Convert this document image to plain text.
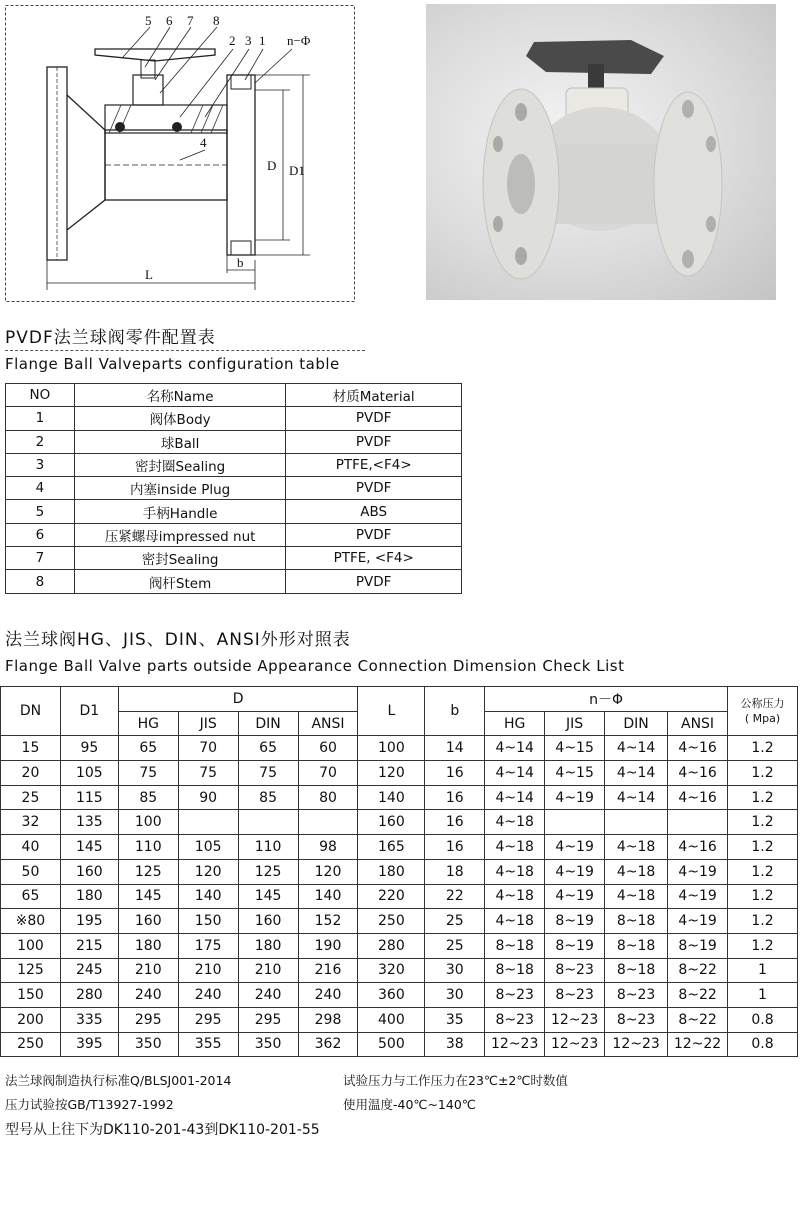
5 6 7 8
2 3 1
4
n−Φ
D D1
L
b
PVDF法兰球阀零件配置表
Flange Ball Valveparts configuration table
NO	名称Name	材质Material
1	阀体Body	PVDF
2	球Ball	PVDF
3	密封圈Sealing	PTFE,<F4>
4	内塞inside Plug	PVDF
5	手柄Handle	ABS
6	压紧螺母impressed nut	PVDF
7	密封Sealing	PTFE, <F4>
8	阀杆Stem	PVDF
法兰球阀HG、JIS、DIN、ANSI外形对照表
Flange Ball Valve parts outside Appearance Connection Dimension Check List
DN	D1	D				L	b	n－Φ				公称压力
( Mpa)

		HG	JIS	DIN	ANSI			HG	JIS	DIN	ANSI	
15	95	65	70	65	60	100	14	4~14	4~15	4~14	4~16	1.2
20	105	75	75	75	70	120	16	4~14	4~15	4~14	4~16	1.2
25	115	85	90	85	80	140	16	4~14	4~19	4~14	4~16	1.2
32	135	100				160	16	4~18				1.2
40	145	110	105	110	98	165	16	4~18	4~19	4~18	4~16	1.2
50	160	125	120	125	120	180	18	4~18	4~19	4~18	4~19	1.2
65	180	145	140	145	140	220	22	4~18	4~19	4~18	4~19	1.2
※80	195	160	150	160	152	250	25	4~18	8~19	8~18	4~19	1.2
100	215	180	175	180	190	280	25	8~18	8~19	8~18	8~19	1.2
125	245	210	210	210	216	320	30	8~18	8~23	8~18	8~22	1
150	280	240	240	240	240	360	30	8~23	8~23	8~23	8~22	1
200	335	295	295	295	298	400	35	8~23	12~23	8~23	8~22	0.8
250	395	350	355	350	362	500	38	12~23	12~23	12~23	12~22	0.8
法兰球阀制造执行标准Q/BLSJ001-2014	试验压力与工作压力在23℃±2℃时数值
压力试验按GB/T13927-1992	使用温度-40℃~140℃
型号从上往下为DK110-201-43到DK110-201-55
